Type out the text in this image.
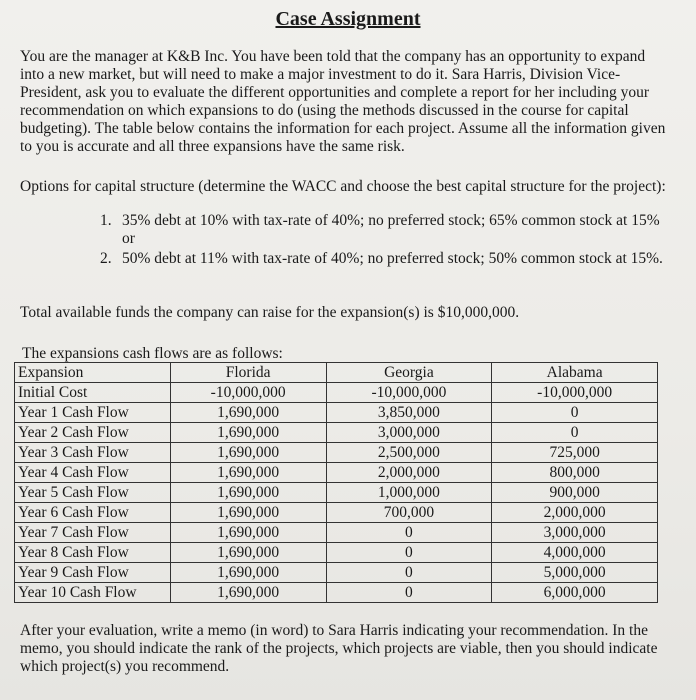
Case Assignment

You are the manager at K&B Inc. You have been told that the company has an opportunity to expand into a new market, but will need to make a major investment to do it. Sara Harris, Division Vice-President, ask you to evaluate the different opportunities and complete a report for her including your recommendation on which expansions to do (using the methods discussed in the course for capital budgeting). The table below contains the information for each project. Assume all the information given to you is accurate and all three expansions have the same risk.

Options for capital structure (determine the WACC and choose the best capital structure for the project):

1. 35% debt at 10% with tax-rate of 40%; no preferred stock; 65% common stock at 15% or
2. 50% debt at 11% with tax-rate of 40%; no preferred stock; 50% common stock at 15%.

Total available funds the company can raise for the expansion(s) is $10,000,000.

The expansions cash flows are as follows:
Expansion	Florida	Georgia	Alabama
Initial Cost	-10,000,000	-10,000,000	-10,000,000
Year 1 Cash Flow	1,690,000	3,850,000	0
Year 2 Cash Flow	1,690,000	3,000,000	0
Year 3 Cash Flow	1,690,000	2,500,000	725,000
Year 4 Cash Flow	1,690,000	2,000,000	800,000
Year 5 Cash Flow	1,690,000	1,000,000	900,000
Year 6 Cash Flow	1,690,000	700,000	2,000,000
Year 7 Cash Flow	1,690,000	0	3,000,000
Year 8 Cash Flow	1,690,000	0	4,000,000
Year 9 Cash Flow	1,690,000	0	5,000,000
Year 10 Cash Flow	1,690,000	0	6,000,000

After your evaluation, write a memo (in word) to Sara Harris indicating your recommendation. In the memo, you should indicate the rank of the projects, which projects are viable, then you should indicate which project(s) you recommend.
